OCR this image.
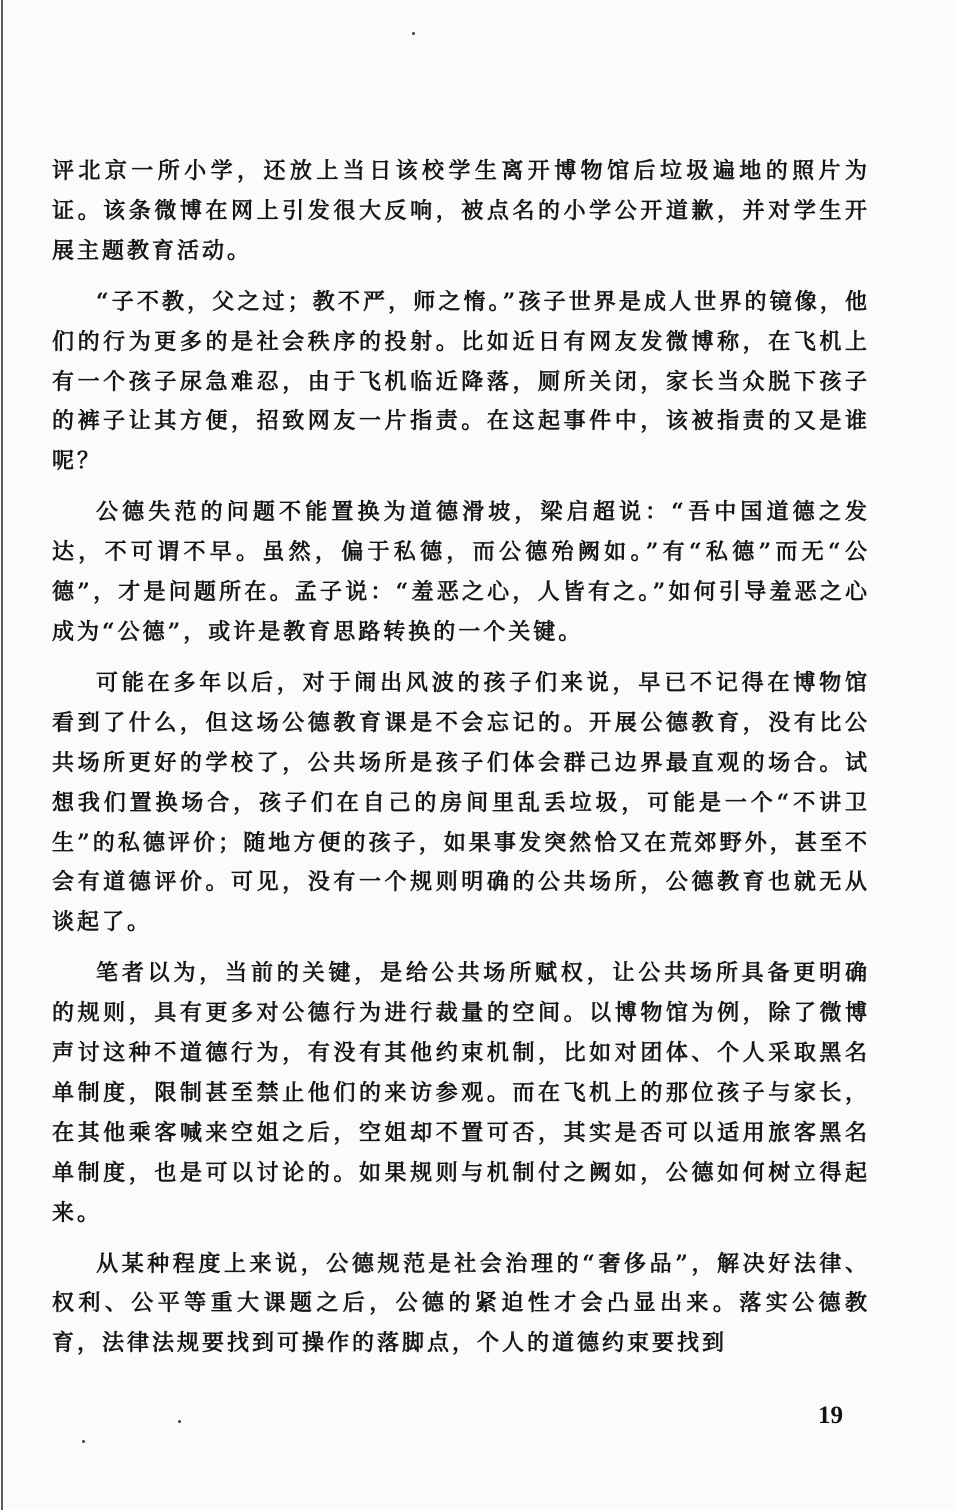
评北京一所小学，还放上当日该校学生离开博物馆后垃圾遍地的照片为证。该条微博在网上引发很大反响，被点名的小学公开道歉，并对学生开展主题教育活动。

“子不教，父之过；教不严，师之惰。”孩子世界是成人世界的镜像，他们的行为更多的是社会秩序的投射。比如近日有网友发微博称，在飞机上有一个孩子尿急难忍，由于飞机临近降落，厕所关闭，家长当众脱下孩子的裤子让其方便，招致网友一片指责。在这起事件中，该被指责的又是谁呢？

公德失范的问题不能置换为道德滑坡，梁启超说：“吾中国道德之发达，不可谓不早。虽然，偏于私德，而公德殆阙如。”有“私德”而无“公德”，才是问题所在。孟子说：“羞恶之心，人皆有之。”如何引导羞恶之心成为“公德”，或许是教育思路转换的一个关键。

可能在多年以后，对于闹出风波的孩子们来说，早已不记得在博物馆看到了什么，但这场公德教育课是不会忘记的。开展公德教育，没有比公共场所更好的学校了，公共场所是孩子们体会群己边界最直观的场合。试想我们置换场合，孩子们在自己的房间里乱丢垃圾，可能是一个“不讲卫生”的私德评价；随地方便的孩子，如果事发突然恰又在荒郊野外，甚至不会有道德评价。可见，没有一个规则明确的公共场所，公德教育也就无从谈起了。

笔者以为，当前的关键，是给公共场所赋权，让公共场所具备更明确的规则，具有更多对公德行为进行裁量的空间。以博物馆为例，除了微博声讨这种不道德行为，有没有其他约束机制，比如对团体、个人采取黑名单制度，限制甚至禁止他们的来访参观。而在飞机上的那位孩子与家长，在其他乘客喊来空姐之后，空姐却不置可否，其实是否可以适用旅客黑名单制度，也是可以讨论的。如果规则与机制付之阙如，公德如何树立得起来。

从某种程度上来说，公德规范是社会治理的“奢侈品”，解决好法律、权利、公平等重大课题之后，公德的紧迫性才会凸显出来。落实公德教育，法律法规要找到可操作的落脚点，个人的道德约束要找到

19
